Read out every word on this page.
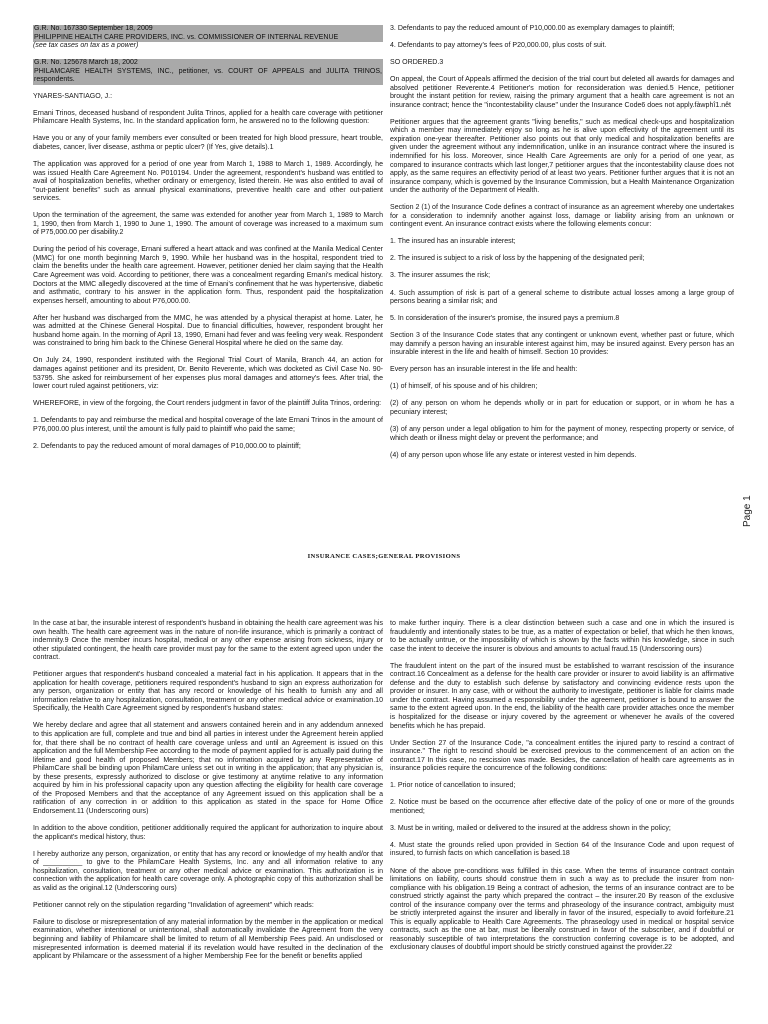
G.R. No. 167330 September 18, 2009
PHILIPPINE HEALTH CARE PROVIDERS, INC. vs. COMMISSIONER OF INTERNAL REVENUE

(see tax cases on tax as a power)

G.R. No. 125678 March 18, 2002

PHILAMCARE HEALTH SYSTEMS, INC., petitioner, vs. COURT OF APPEALS and JULITA TRINOS, respondents.

YNARES-SANTIAGO, J.:

Ernani Trinos, deceased husband of respondent Julita Trinos, applied for a health care coverage with petitioner Philamcare Health Systems, Inc. In the standard application form, he answered no to the following question:

Have you or any of your family members ever consulted or been treated for high blood pressure, heart trouble, diabetes, cancer, liver disease, asthma or peptic ulcer? (If Yes, give details).1

The application was approved for a period of one year from March 1, 1988 to March 1, 1989. Accordingly, he was issued Health Care Agreement No. P010194. Under the agreement, respondent's husband was entitled to avail of hospitalization benefits, whether ordinary or emergency, listed therein. He was also entitled to avail of "out-patient benefits" such as annual physical examinations, preventive health care and other out-patient services.

Upon the termination of the agreement, the same was extended for another year from March 1, 1989 to March 1, 1990, then from March 1, 1990 to June 1, 1990. The amount of coverage was increased to a maximum sum of P75,000.00 per disability.2

During the period of his coverage, Ernani suffered a heart attack and was confined at the Manila Medical Center (MMC) for one month beginning March 9, 1990. While her husband was in the hospital, respondent tried to claim the benefits under the health care agreement. However, petitioner denied her claim saying that the Health Care Agreement was void. According to petitioner, there was a concealment regarding Ernani's medical history. Doctors at the MMC allegedly discovered at the time of Ernani's confinement that he was hypertensive, diabetic and asthmatic, contrary to his answer in the application form. Thus, respondent paid the hospitalization expenses herself, amounting to about P76,000.00.

After her husband was discharged from the MMC, he was attended by a physical therapist at home. Later, he was admitted at the Chinese General Hospital. Due to financial difficulties, however, respondent brought her husband home again. In the morning of April 13, 1990, Ernani had fever and was feeling very weak. Respondent was constrained to bring him back to the Chinese General Hospital where he died on the same day.

On July 24, 1990, respondent instituted with the Regional Trial Court of Manila, Branch 44, an action for damages against petitioner and its president, Dr. Benito Reverente, which was docketed as Civil Case No. 90-53795. She asked for reimbursement of her expenses plus moral damages and attorney's fees. After trial, the lower court ruled against petitioners, viz:

WHEREFORE, in view of the forgoing, the Court renders judgment in favor of the plaintiff Julita Trinos, ordering:

1. Defendants to pay and reimburse the medical and hospital coverage of the late Ernani Trinos in the amount of P76,000.00 plus interest, until the amount is fully paid to plaintiff who paid the same;

2. Defendants to pay the reduced amount of moral damages of P10,000.00 to plaintiff;

3. Defendants to pay the reduced amount of P10,000.00 as exemplary damages to plaintiff;

4. Defendants to pay attorney's fees of P20,000.00, plus costs of suit.

SO ORDERED.3

On appeal, the Court of Appeals affirmed the decision of the trial court but deleted all awards for damages and absolved petitioner Reverente.4 Petitioner's motion for reconsideration was denied.5 Hence, petitioner brought the instant petition for review, raising the primary argument that a health care agreement is not an insurance contract; hence the "incontestability clause" under the Insurance Code6 does not apply.fàwphî1.nêt

Petitioner argues that the agreement grants "living benefits," such as medical check-ups and hospitalization which a member may immediately enjoy so long as he is alive upon effectivity of the agreement until its expiration one-year thereafter. Petitioner also points out that only medical and hospitalization benefits are given under the agreement without any indemnification, unlike in an insurance contract where the insured is indemnified for his loss. Moreover, since Health Care Agreements are only for a period of one year, as compared to insurance contracts which last longer,7 petitioner argues that the incontestability clause does not apply, as the same requires an effectivity period of at least two years. Petitioner further argues that it is not an insurance company, which is governed by the Insurance Commission, but a Health Maintenance Organization under the authority of the Department of Health.

Section 2 (1) of the Insurance Code defines a contract of insurance as an agreement whereby one undertakes for a consideration to indemnify another against loss, damage or liability arising from an unknown or contingent event. An insurance contract exists where the following elements concur:

1. The insured has an insurable interest;

2. The insured is subject to a risk of loss by the happening of the designated peril;

3. The insurer assumes the risk;

4. Such assumption of risk is part of a general scheme to distribute actual losses among a large group of persons bearing a similar risk; and

5. In consideration of the insurer's promise, the insured pays a premium.8

Section 3 of the Insurance Code states that any contingent or unknown event, whether past or future, which may damnify a person having an insurable interest against him, may be insured against. Every person has an insurable interest in the life and health of himself. Section 10 provides:

Every person has an insurable interest in the life and health:

(1) of himself, of his spouse and of his children;

(2) of any person on whom he depends wholly or in part for education or support, or in whom he has a pecuniary interest;

(3) of any person under a legal obligation to him for the payment of money, respecting property or service, of which death or illness might delay or prevent the performance; and

(4) of any person upon whose life any estate or interest vested in him depends.

INSURANCE CASES;GENERAL PROVISIONS
Page 1

In the case at bar, the insurable interest of respondent's husband in obtaining the health care agreement was his own health. The health care agreement was in the nature of non-life insurance, which is primarily a contract of indemnity.9 Once the member incurs hospital, medical or any other expense arising from sickness, injury or other stipulated contingent, the health care provider must pay for the same to the extent agreed upon under the contract.

Petitioner argues that respondent's husband concealed a material fact in his application. It appears that in the application for health coverage, petitioners required respondent's husband to sign an express authorization for any person, organization or entity that has any record or knowledge of his health to furnish any and all information relative to any hospitalization, consultation, treatment or any other medical advice or examination.10 Specifically, the Health Care Agreement signed by respondent's husband states:

We hereby declare and agree that all statement and answers contained herein and in any addendum annexed to this application are full, complete and true and bind all parties in interest under the Agreement herein applied for, that there shall be no contract of health care coverage unless and until an Agreement is issued on this application and the full Membership Fee according to the mode of payment applied for is actually paid during the lifetime and good health of proposed Members; that no information acquired by any Representative of PhilamCare shall be binding upon PhilamCare unless set out in writing in the application; that any physician is, by these presents, expressly authorized to disclose or give testimony at anytime relative to any information acquired by him in his professional capacity upon any question affecting the eligibility for health care coverage of the Proposed Members and that the acceptance of any Agreement issued on this application shall be a ratification of any correction in or addition to this application as stated in the space for Home Office Endorsement.11 (Underscoring ours)

In addition to the above condition, petitioner additionally required the applicant for authorization to inquire about the applicant's medical history, thus:

I hereby authorize any person, organization, or entity that has any record or knowledge of my health and/or that of __________ to give to the PhilamCare Health Systems, Inc. any and all information relative to any hospitalization, consultation, treatment or any other medical advice or examination. This authorization is in connection with the application for health care coverage only. A photographic copy of this authorization shall be as valid as the original.12 (Underscoring ours)

Petitioner cannot rely on the stipulation regarding "Invalidation of agreement" which reads:

Failure to disclose or misrepresentation of any material information by the member in the application or medical examination, whether intentional or unintentional, shall automatically invalidate the Agreement from the very beginning and liability of Philamcare shall be limited to return of all Membership Fees paid. An undisclosed or misrepresented information is deemed material if its revelation would have resulted in the declination of the applicant by Philamcare or the assessment of a higher Membership Fee for the benefit or benefits applied

to make further inquiry. There is a clear distinction between such a case and one in which the insured is fraudulently and intentionally states to be true, as a matter of expectation or belief, that which he then knows, to be actually untrue, or the impossibility of which is shown by the facts within his knowledge, since in such case the intent to deceive the insurer is obvious and amounts to actual fraud.15 (Underscoring ours)

The fraudulent intent on the part of the insured must be established to warrant rescission of the insurance contract.16 Concealment as a defense for the health care provider or insurer to avoid liability is an affirmative defense and the duty to establish such defense by satisfactory and convincing evidence rests upon the provider or insurer. In any case, with or without the authority to investigate, petitioner is liable for claims made under the contract. Having assumed a responsibility under the agreement, petitioner is bound to answer the same to the extent agreed upon. In the end, the liability of the health care provider attaches once the member is hospitalized for the disease or injury covered by the agreement or whenever he avails of the covered benefits which he has prepaid.

Under Section 27 of the Insurance Code, "a concealment entitles the injured party to rescind a contract of insurance." The right to rescind should be exercised previous to the commencement of an action on the contract.17 In this case, no rescission was made. Besides, the cancellation of health care agreements as in insurance policies require the concurrence of the following conditions:

1. Prior notice of cancellation to insured;

2. Notice must be based on the occurrence after effective date of the policy of one or more of the grounds mentioned;

3. Must be in writing, mailed or delivered to the insured at the address shown in the policy;

4. Must state the grounds relied upon provided in Section 64 of the Insurance Code and upon request of insured, to furnish facts on which cancellation is based.18

None of the above pre-conditions was fulfilled in this case. When the terms of insurance contract contain limitations on liability, courts should construe them in such a way as to preclude the insurer from non-compliance with his obligation.19 Being a contract of adhesion, the terms of an insurance contract are to be construed strictly against the party which prepared the contract – the insurer.20 By reason of the exclusive control of the insurance company over the terms and phraseology of the insurance contract, ambiguity must be strictly interpreted against the insurer and liberally in favor of the insured, especially to avoid forfeiture.21 This is equally applicable to Health Care Agreements. The phraseology used in medical or hospital service contracts, such as the one at bar, must be liberally construed in favor of the subscriber, and if doubtful or reasonably susceptible of two interpretations the construction conferring coverage is to be adopted, and exclusionary clauses of doubtful import should be strictly construed against the provider.22
